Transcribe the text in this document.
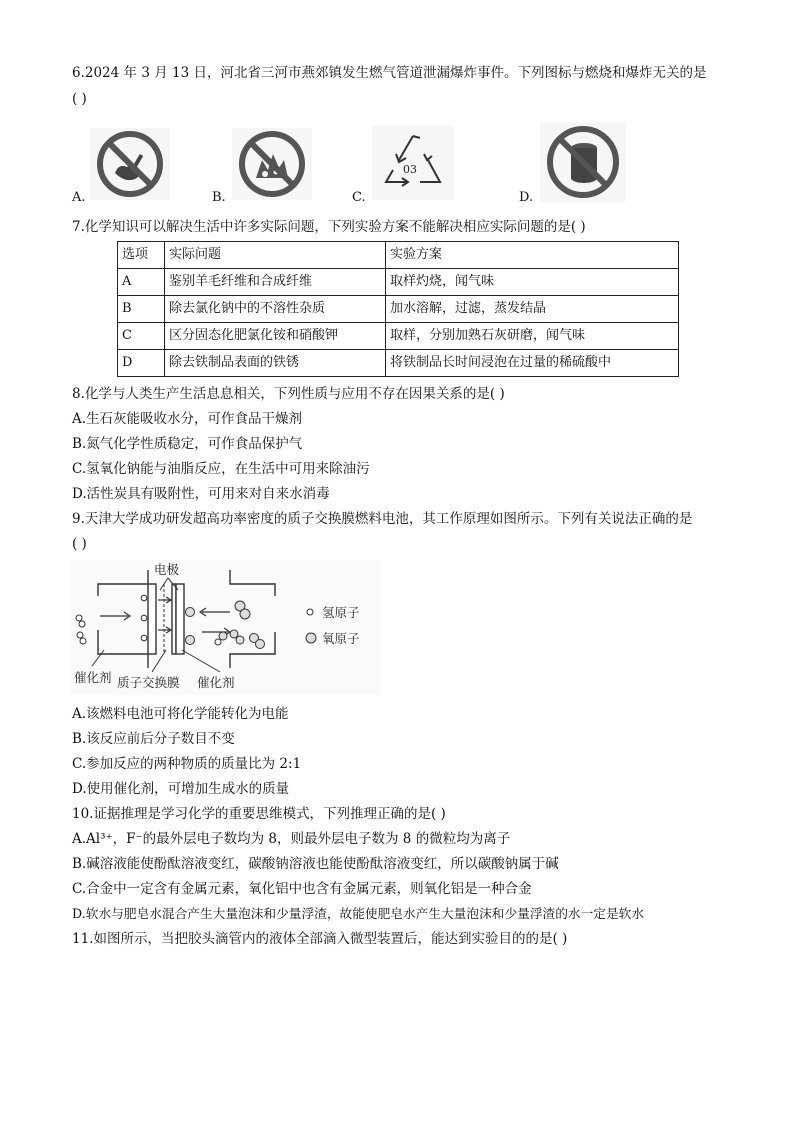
6.2024 年 3 月 13 日，河北省三河市燕郊镇发生燃气管道泄漏爆炸事件。下列图标与燃烧和爆炸无关的是
( )
A.	B.	C.
03
D.
7.化学知识可以解决生活中许多实际问题，下列实验方案不能解决相应实际问题的是( )
选项	实际问题	实验方案
A	鉴别羊毛纤维和合成纤维	取样灼烧，闻气味
B	除去氯化钠中的不溶性杂质	加水溶解，过滤，蒸发结晶
C	区分固态化肥氯化铵和硝酸钾	取样，分别加熟石灰研磨，闻气味
D	除去铁制品表面的铁锈	将铁制品长时间浸泡在过量的稀硫酸中
8.化学与人类生产生活息息相关，下列性质与应用不存在因果关系的是( )
A.生石灰能吸收水分，可作食品干燥剂
B.氮气化学性质稳定，可作食品保护气
C.氢氧化钠能与油脂反应，在生活中可用来除油污
D.活性炭具有吸附性，可用来对自来水消毒
9.天津大学成功研发超高功率密度的质子交换膜燃料电池，其工作原理如图所示。下列有关说法正确的是
( )
电极
催化剂 质子交换膜 催化剂
氢原子
氧原子
A.该燃料电池可将化学能转化为电能
B.该反应前后分子数目不变
C.参加反应的两种物质的质量比为 2:1
D.使用催化剂，可增加生成水的质量
10.证据推理是学习化学的重要思维模式，下列推理正确的是( )
A.Al³⁺，F⁻的最外层电子数均为 8，则最外层电子数为 8 的微粒均为离子
B.碱溶液能使酚酞溶液变红，碳酸钠溶液也能使酚酞溶液变红，所以碳酸钠属于碱
C.合金中一定含有金属元素，氧化铝中也含有金属元素，则氧化铝是一种合金
D.软水与肥皂水混合产生大量泡沫和少量浮渣，故能使肥皂水产生大量泡沫和少量浮渣的水一定是软水
11.如图所示，当把胶头滴管内的液体全部滴入微型装置后，能达到实验目的的是( )
